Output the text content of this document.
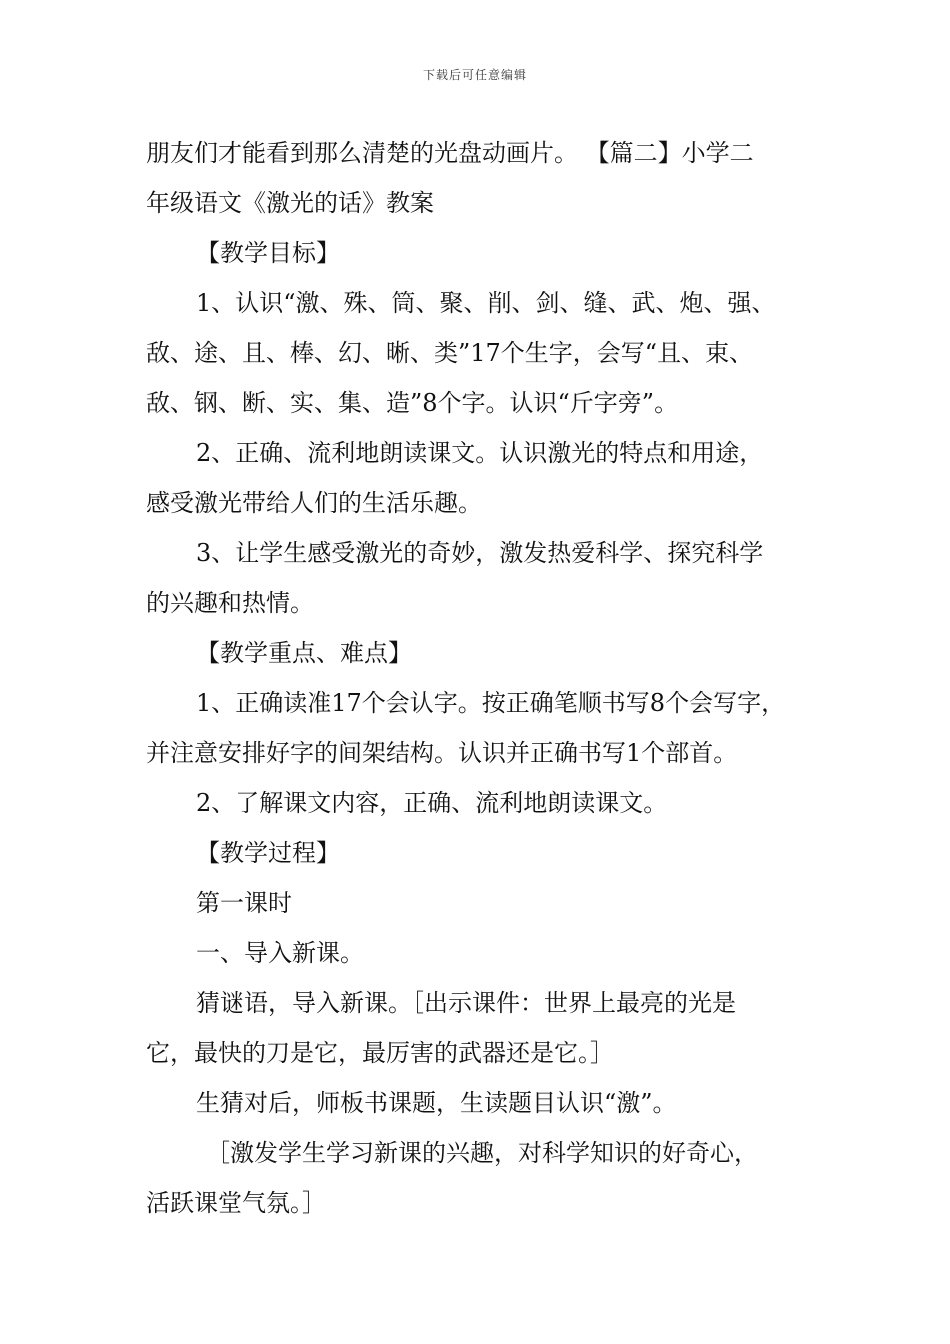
下载后可任意编辑

朋友们才能看到那么清楚的光盘动画片。 【篇二】小学二

年级语文《激光的话》教案

【教学目标】

1、认识“激、殊、筒、聚、削、剑、缝、武、炮、强、

敌、途、且、棒、幻、晰、类”17个生字，会写“且、束、

敌、钢、断、实、集、造”8个字。认识“斤字旁”。

2、正确、流利地朗读课文。认识激光的特点和用途，

感受激光带给人们的生活乐趣。

3、让学生感受激光的奇妙，激发热爱科学、探究科学

的兴趣和热情。

【教学重点、难点】

1、正确读准17个会认字。按正确笔顺书写8个会写字，

并注意安排好字的间架结构。认识并正确书写1个部首。

2、了解课文内容，正确、流利地朗读课文。

【教学过程】

第一课时

一、导入新课。

猜谜语，导入新课。［出示课件：世界上最亮的光是

它，最快的刀是它，最厉害的武器还是它。］

生猜对后，师板书课题，生读题目认识“激”。

［激发学生学习新课的兴趣，对科学知识的好奇心，

活跃课堂气氛。］
